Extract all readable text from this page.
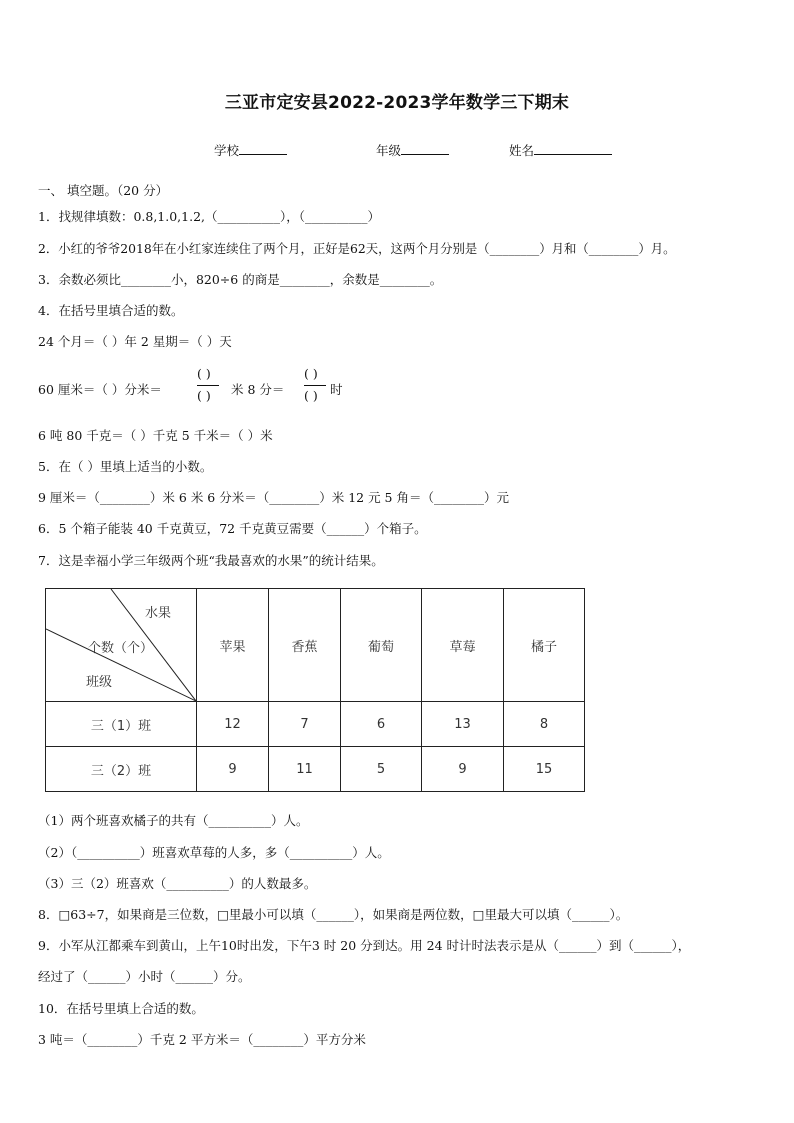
三亚市定安县2022-2023学年数学三下期末
学校	年级	姓名
一、 填空题。（20 分）
1．找规律填数：0.8,1.0,1.2,（__________），（__________）
2．小红的爷爷2018年在小红家连续住了两个月，正好是62天，这两个月分别是（________）月和（________）月。
3．余数必须比________小，820÷6 的商是________，余数是________。
4．在括号里填合适的数。
24 个月＝（ ）年 2 星期＝（ ）天
60 厘米＝（ ）分米＝
( )
( ) 米 8 分＝
( )
( ) 时
6 吨 80 千克＝（ ）千克 5 千米＝（ ）米
5．在（ ）里填上适当的小数。
9 厘米＝（________）米 6 米 6 分米＝（________）米 12 元 5 角＝（________）元
6．5 个箱子能装 40 千克黄豆，72 千克黄豆需要（______）个箱子。
7．这是幸福小学三年级两个班“我最喜欢的水果”的统计结果。
水果
个数（个）
班级	苹果	香蕉	葡萄	草莓	橘子
三（1）班	12	7	6	13	8
三（2）班	9	11	5	9	15
（1）两个班喜欢橘子的共有（__________）人。
（2）（__________）班喜欢草莓的人多，多（__________）人。
（3）三（2）班喜欢（__________）的人数最多。
8．□63÷7，如果商是三位数，□里最小可以填（______），如果商是两位数，□里最大可以填（______）。
9．小军从江都乘车到黄山，上午10时出发，下午3 时 20 分到达。用 24 时计时法表示是从（______）到（______），
经过了（______）小时（______）分。
10．在括号里填上合适的数。
3 吨＝（________）千克 2 平方米＝（________）平方分米
